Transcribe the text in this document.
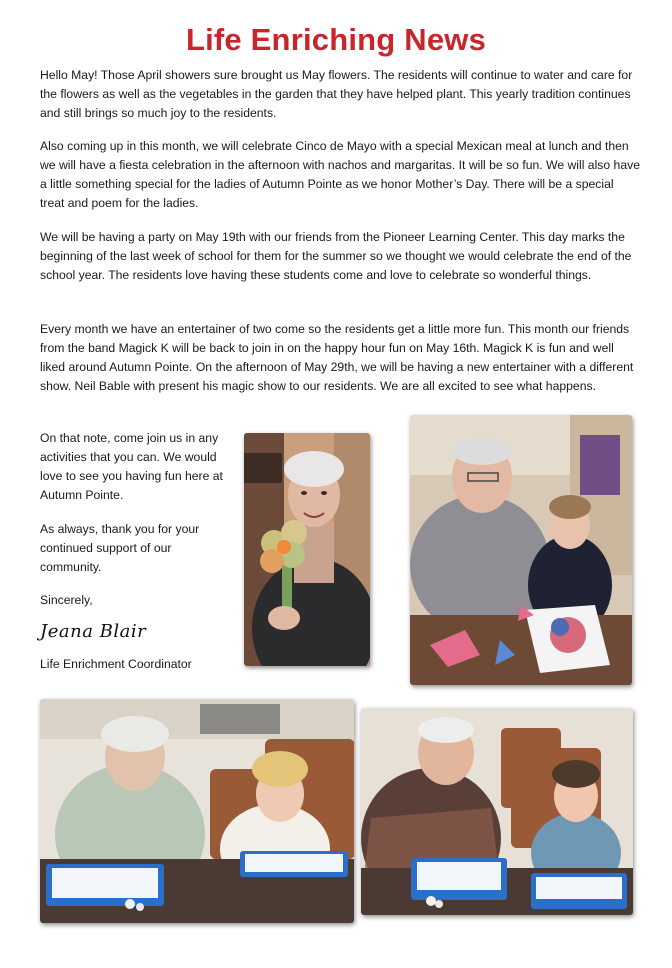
Life Enriching News

Hello May! Those April showers sure brought us May flowers. The residents will continue to water and care for the flowers as well as the vegetables in the garden that they have helped plant. This yearly tradition continues and still brings so much joy to the residents.

Also coming up in this month, we will celebrate Cinco de Mayo with a special Mexican meal at lunch and then we will have a fiesta celebration in the afternoon with nachos and margaritas. It will be so fun. We will also have a little something special for the ladies of Autumn Pointe as we honor Mother’s Day. There will be a special treat and poem for the ladies.

We will be having a party on May 19th with our friends from the Pioneer Learning Center. This day marks the beginning of the last week of school for them for the summer so we thought we would celebrate the end of the school year. The residents love having these students come and love to celebrate so wonderful things.

Every month we have an entertainer of two come so the residents get a little more fun. This month our friends from the band Magick K will be back to join in on the happy hour fun on May 16th. Magick K is fun and well liked around Autumn Pointe. On the afternoon of May 29th, we will be having a new entertainer with a different show. Neil Bable with present his magic show to our residents. We are all excited to see what happens.

On that note, come join us in any activities that you can. We would love to see you having fun here at Autumn Pointe.

As always, thank you for your continued support of our community.

Sincerely,

Jeana Blair

Life Enrichment Coordinator
